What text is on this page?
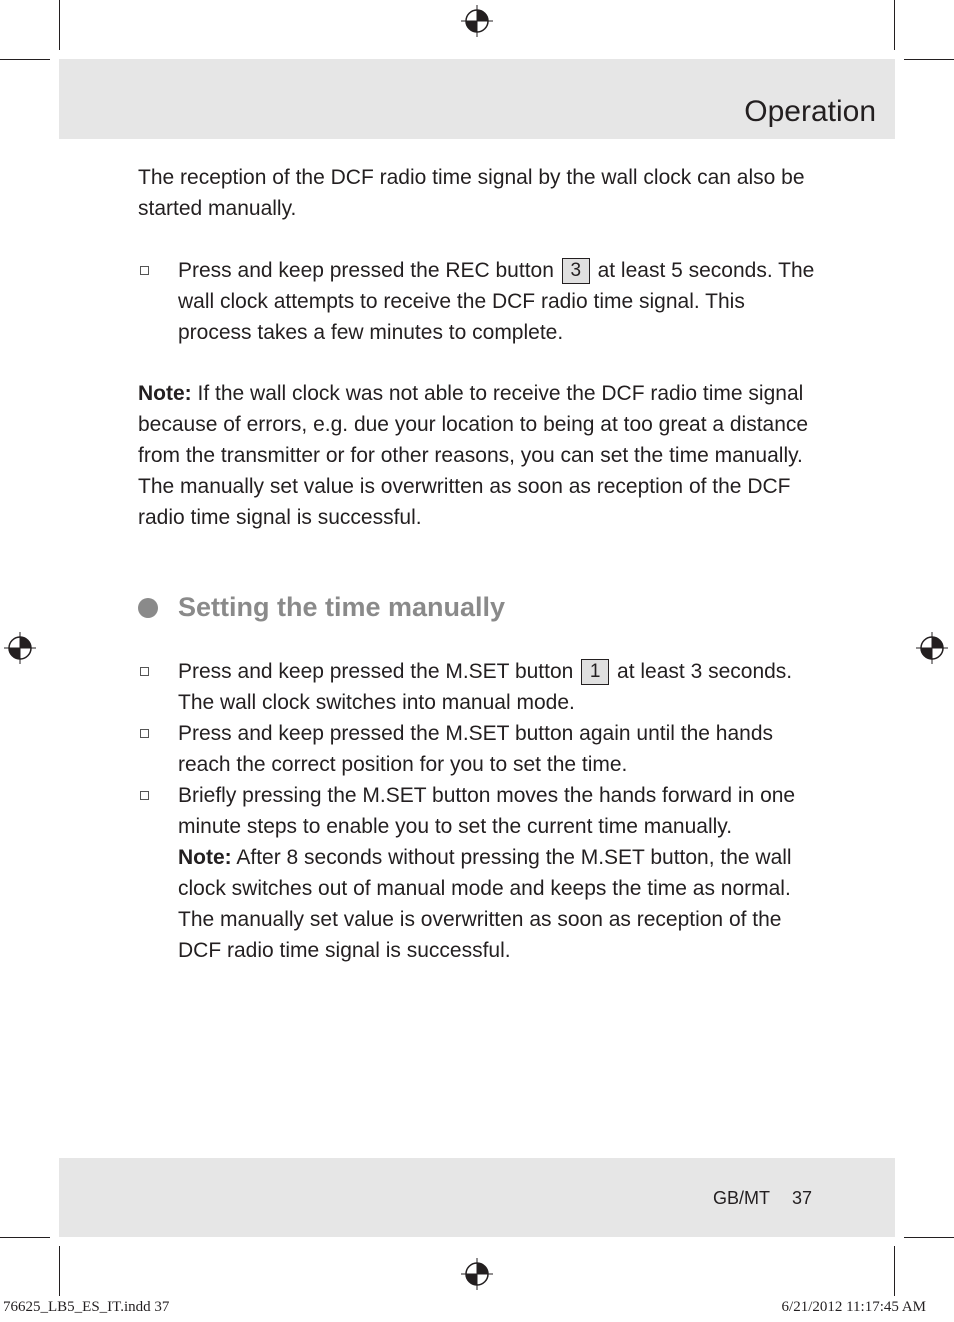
Operation

The reception of the DCF radio time signal by the wall clock can also be started manually.

Press and keep pressed the REC button 3 at least 5 seconds. The wall clock attempts to receive the DCF radio time signal. This process takes a few minutes to complete.

Note: If the wall clock was not able to receive the DCF radio time signal because of errors, e.g. due your location to being at too great a distance from the transmitter or for other reasons, you can set the time manually. The manually set value is overwritten as soon as reception of the DCF radio time signal is successful.

Setting the time manually
Press and keep pressed the M.SET button 1 at least 3 seconds. The wall clock switches into manual mode.
Press and keep pressed the M.SET button again until the hands reach the correct position for you to set the time.
Briefly pressing the M.SET button moves the hands forward in one minute steps to enable you to set the current time manually.

Note: After 8 seconds without pressing the M.SET button, the wall clock switches out of manual mode and keeps the time as normal. The manually set value is overwritten as soon as reception of the DCF radio time signal is successful.

GB/MT 37
76625_LB5_ES_IT.indd 37	6/21/2012 11:17:45 AM
